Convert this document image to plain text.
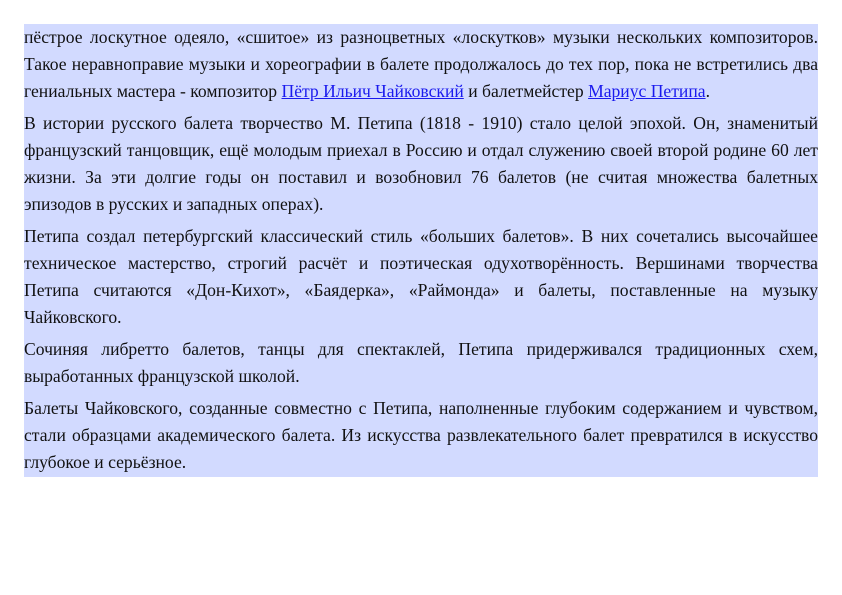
пёстрое лоскутное одеяло, «сшитое» из разноцветных «лоскутков» музыки нескольких композиторов. Такое неравноправие музыки и хореографии в балете продолжалось до тех пор, пока не встретились два гениальных мастера - композитор Пётр Ильич Чайковский и балетмейстер Мариус Петипа.

В истории русского балета творчество М. Петипа (1818 - 1910) стало целой эпохой. Он, знаменитый французский танцовщик, ещё молодым приехал в Россию и отдал служению своей второй родине 60 лет жизни. За эти долгие годы он поставил и возобновил 76 балетов (не считая множества балетных эпизодов в русских и западных операх).

Петипа создал петербургский классический стиль «больших балетов». В них сочетались высочайшее техническое мастерство, строгий расчёт и поэтическая одухотворённость. Вершинами творчества Петипа считаются «Дон-Кихот», «Баядерка», «Раймонда» и балеты, поставленные на музыку Чайковского.

Сочиняя либретто балетов, танцы для спектаклей, Петипа придерживался традиционных схем, выработанных французской школой.

Балеты Чайковского, созданные совместно с Петипа, наполненные глубоким содержанием и чувством, стали образцами академического балета. Из искусства развлекательного балет превратился в искусство глубокое и серьёзное.
